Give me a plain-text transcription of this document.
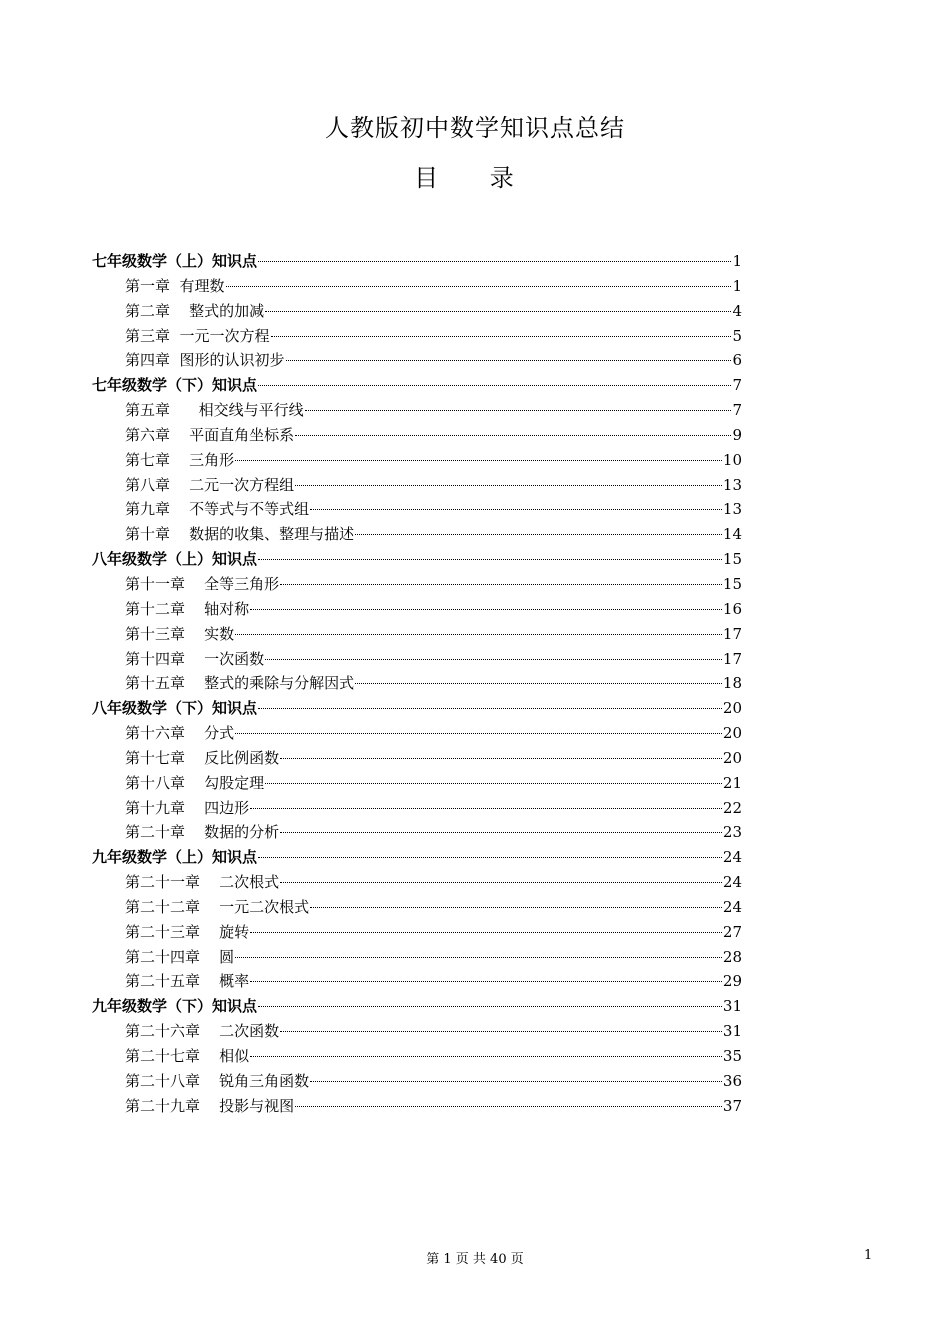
人教版初中数学知识点总结
目 录
七年级数学（上）知识点	1
第一章  有理数	1
第二章    整式的加减	4
第三章  一元一次方程	5
第四章  图形的认识初步	6
七年级数学（下）知识点	7
第五章      相交线与平行线	7
第六章    平面直角坐标系	9
第七章    三角形	10
第八章    二元一次方程组	13
第九章    不等式与不等式组	13
第十章    数据的收集、整理与描述	14
八年级数学（上）知识点	15
第十一章    全等三角形	15
第十二章    轴对称	16
第十三章    实数	17
第十四章    一次函数	17
第十五章    整式的乘除与分解因式	18
八年级数学（下）知识点	20
第十六章    分式	20
第十七章    反比例函数	20
第十八章    勾股定理	21
第十九章    四边形	22
第二十章    数据的分析	23
九年级数学（上）知识点	24
第二十一章    二次根式	24
第二十二章    一元二次根式	24
第二十三章    旋转	27
第二十四章    圆	28
第二十五章    概率	29
九年级数学（下）知识点	31
第二十六章    二次函数	31
第二十七章    相似	35
第二十八章    锐角三角函数	36
第二十九章    投影与视图	37
第 1 页 共 40 页	1
